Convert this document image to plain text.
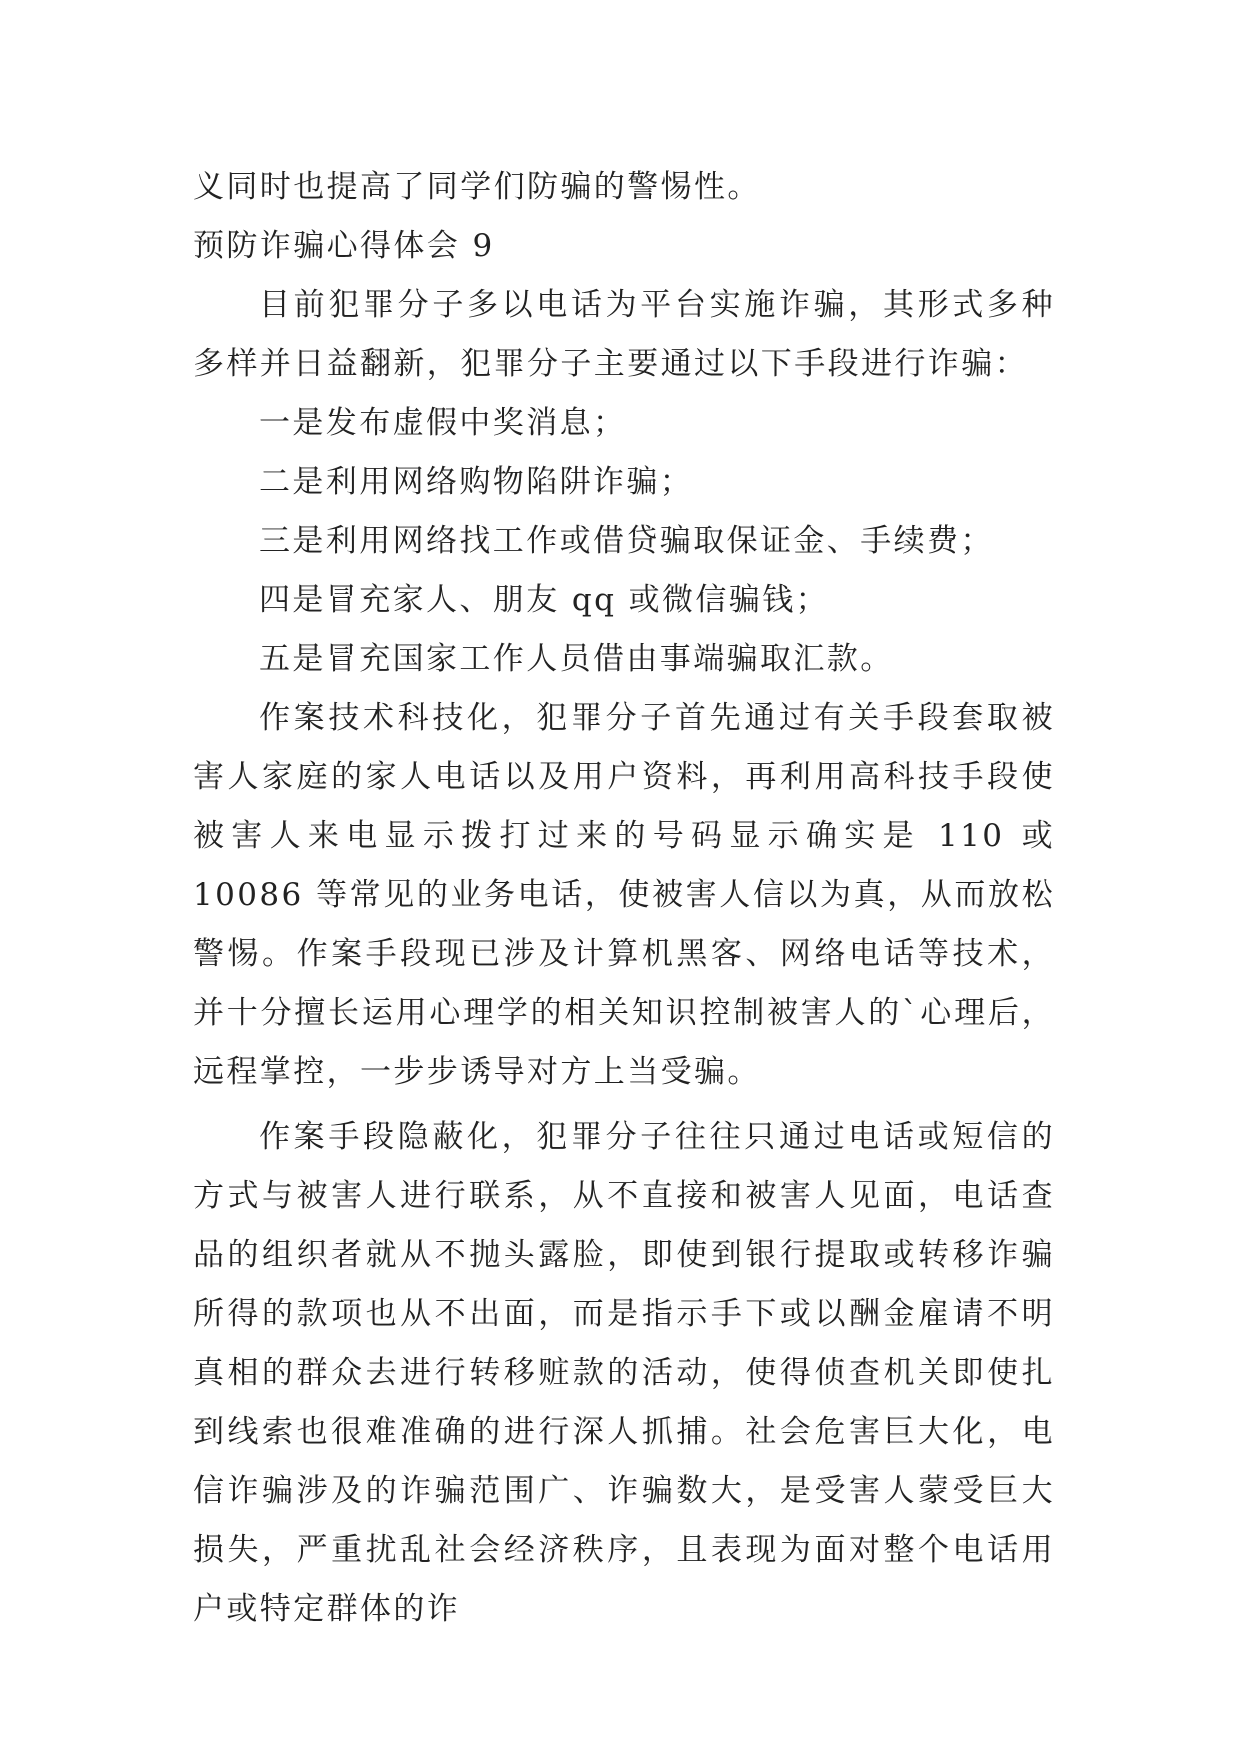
义同时也提高了同学们防骗的警惕性。

预防诈骗心得体会 9

目前犯罪分子多以电话为平台实施诈骗，其形式多种多样并日益翻新，犯罪分子主要通过以下手段进行诈骗：

一是发布虚假中奖消息；

二是利用网络购物陷阱诈骗；

三是利用网络找工作或借贷骗取保证金、手续费；

四是冒充家人、朋友 qq 或微信骗钱；

五是冒充国家工作人员借由事端骗取汇款。

作案技术科技化，犯罪分子首先通过有关手段套取被害人家庭的家人电话以及用户资料，再利用高科技手段使被害人来电显示拨打过来的号码显示确实是 110 或 10086 等常见的业务电话，使被害人信以为真，从而放松警惕。作案手段现已涉及计算机黑客、网络电话等技术，并十分擅长运用心理学的相关知识控制被害人的`心理后，远程掌控，一步步诱导对方上当受骗。

作案手段隐蔽化，犯罪分子往往只通过电话或短信的方式与被害人进行联系，从不直接和被害人见面，电话查品的组织者就从不抛头露脸，即使到银行提取或转移诈骗所得的款项也从不出面，而是指示手下或以酬金雇请不明真相的群众去进行转移赃款的活动，使得侦查机关即使扎到线索也很难准确的进行深人抓捕。社会危害巨大化，电信诈骗涉及的诈骗范围广、诈骗数大，是受害人蒙受巨大损失，严重扰乱社会经济秩序，且表现为面对整个电话用户或特定群体的诈
